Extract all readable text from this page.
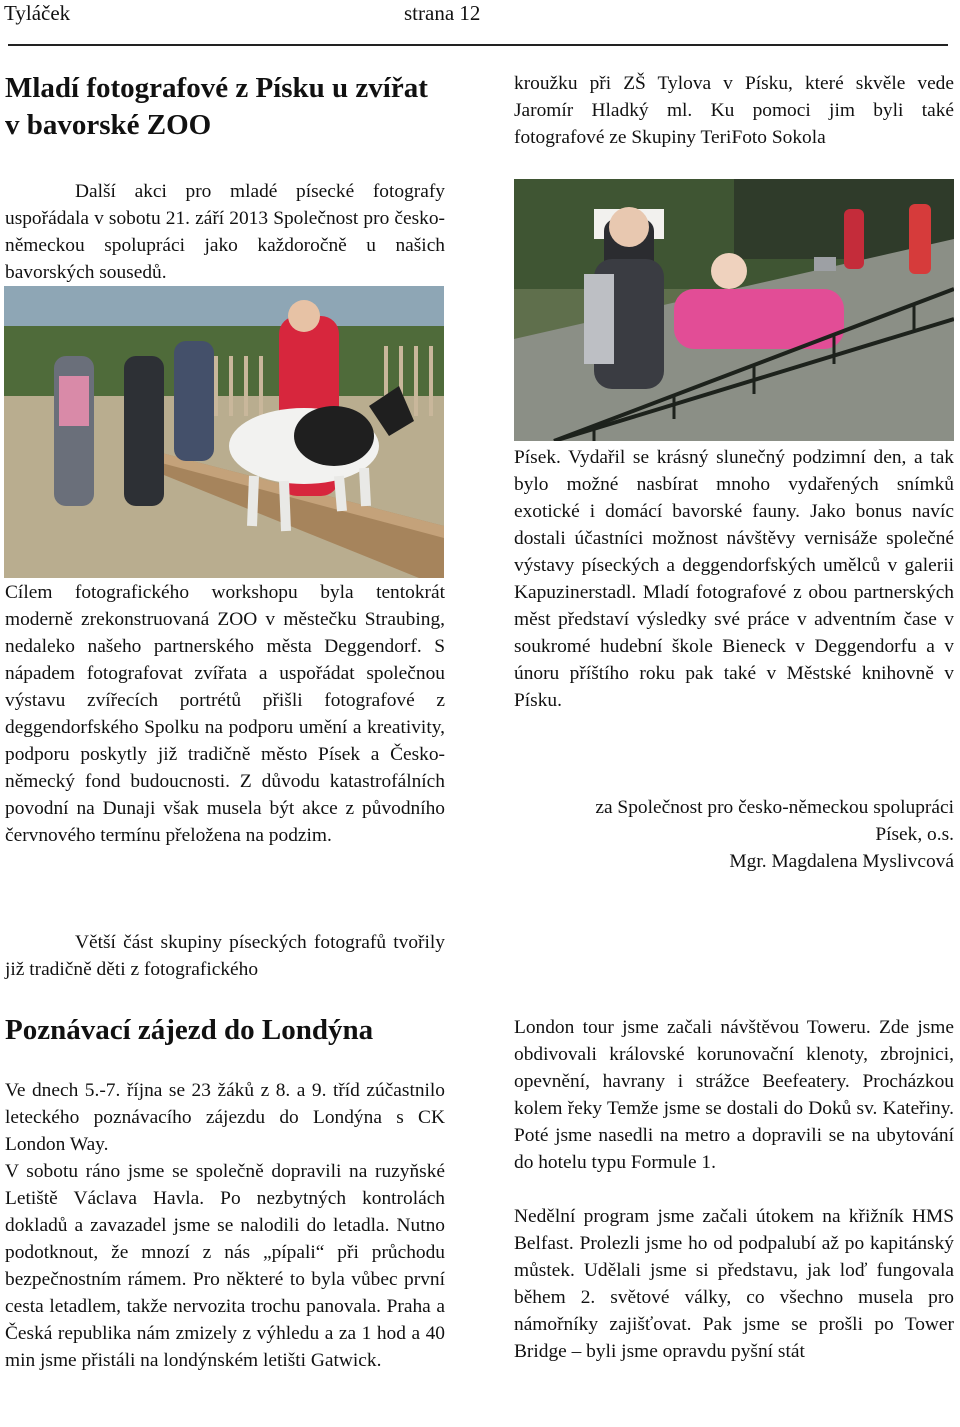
Tyláček	strana 12
Mladí fotografové z Písku u zvířat v bavorské ZOO

Další akci pro mladé písecké fotografy uspořádala v sobotu 21. září 2013 Společnost pro česko-německou spolupráci jako každoročně u našich bavorských sousedů.

Cílem fotografického workshopu byla tentokrát moderně zrekonstruovaná ZOO v městečku Straubing, nedaleko našeho partnerského města Deggendorf. S nápadem fotografovat zvířata a uspořádat společnou výstavu zvířecích portrétů přišli fotografové z deggendorfského Spolku na podporu umění a kreativity, podporu poskytly již tradičně město Písek a Česko-německý fond budoucnosti. Z důvodu katastrofálních povodní na Dunaji však musela být akce z původního červnového termínu přeložena na podzim.

Větší část skupiny píseckých fotografů tvořily již tradičně děti z fotografického

kroužku při ZŠ Tylova v Písku, které skvěle vede Jaromír Hladký ml. Ku pomoci jim byli také fotografové ze Skupiny TeriFoto Sokola

Písek. Vydařil se krásný slunečný podzimní den, a tak bylo možné nasbírat mnoho vydařených snímků exotické i domácí bavorské fauny. Jako bonus navíc dostali účastníci možnost návštěvy vernisáže společné výstavy píseckých a deggendorfských umělců v galerii Kapuzinerstadl. Mladí fotografové z obou partnerských měst představí výsledky své práce v adventním čase v soukromé hudební škole Bieneck v Deggendorfu a v únoru příštího roku pak také v Městské knihovně v Písku.

za Společnost pro česko-německou spolupráci
Písek, o.s.
Mgr. Magdalena Myslivcová
Poznávací zájezd do Londýna

Ve dnech 5.-7. října se 23 žáků z 8. a 9. tříd zúčastnilo leteckého poznávacího zájezdu do Londýna s CK London Way.

V sobotu ráno jsme se společně dopravili na ruzyňské Letiště Václava Havla. Po nezbytných kontrolách dokladů a zavazadel jsme se nalodili do letadla. Nutno podotknout, že mnozí z nás „pípali“ při průchodu bezpečnostním rámem. Pro některé to byla vůbec první cesta letadlem, takže nervozita trochu panovala. Praha a Česká republika nám zmizely z výhledu a za 1 hod a 40 min jsme přistáli na londýnském letišti Gatwick.

London tour jsme začali návštěvou Toweru. Zde jsme obdivovali královské korunovační klenoty, zbrojnici, opevnění, havrany i strážce Beefeatery. Procházkou kolem řeky Temže jsme se dostali do Doků sv. Kateřiny. Poté jsme nasedli na metro a dopravili se na ubytování do hotelu typu Formule 1.

Nedělní program jsme začali útokem na křižník HMS Belfast. Prolezli jsme ho od podpalubí až po kapitánský můstek. Udělali jsme si představu, jak loď fungovala během 2. světové války, co všechno musela pro námořníky zajišťovat. Pak jsme se prošli po Tower Bridge – byli jsme opravdu pyšní stát
